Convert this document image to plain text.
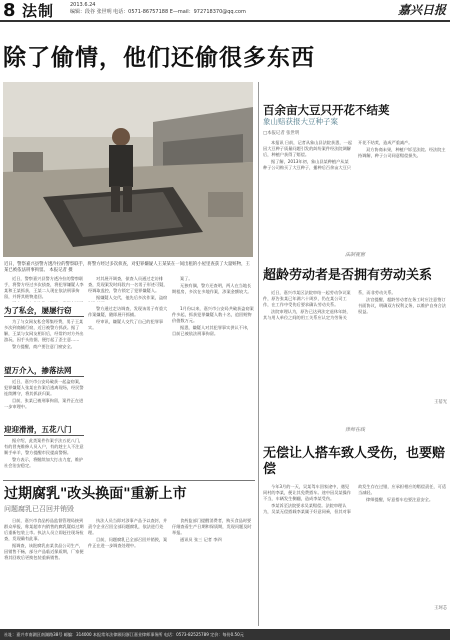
8 法制	2013.6.24
编辑：段谷 张世明 电话：0571-86757188 E—mail：972718370@qq.com	嘉兴日报
除了偷情，他们还偷很多东西
近日，警察嘉兴县警方透冷拉的警察联手，将警方经过多次侦查，对犯罪嫌疑人王某某在一间出租的小屋里查获了大量赃物，王某已被依法刑事拘留。 本报记者 摄

近日，警察嘉兴县警方透冷拉的警察联手，将警方经过多次侦查，将犯罪嫌疑人李某和王某抓获，王某二人现在依法刑事拘留，并将其赃物追回。

对其展开调查，侦查人员通过走访排查，发现案发时间段内一名男子形迹可疑，经调取监控，警方锁定了犯罪嫌疑人。

据嫌疑人交代，他先后多次作案，盗窃

案了。

无独有偶，警方还查明，两人在当地长期租房，多次在多地作案，涉案金额较大。

为了私会，屡屡行窃

为了与女网友私会筹集经费，男子王某多次到商铺行窃，近日被警方抓获。据了解，王某与女网友相识后，经常约对方外出游玩，因手头拮据，便打起了歪主意……

警方提醒，商户要注意门窗安全。

望万介入，掺落法网

近日，嘉兴市公安局破获一起盗窃案，犯罪嫌疑人张某在作案后逃离现场，经民警连续蹲守，将其抓获归案。

目前，张某已被刑事拘留，案件正在进一步审理中。

迎迎滑滑，五花八门

据介绍，此类案件作案手法五花八门，有的冒充维修人员入户，有的趁主人不注意顺手牵羊，警方提醒市民提高警惕。

警方表示，将继续加大打击力度，维护社会治安稳定。

警方通过走访调查，发现该男子有重大作案嫌疑，随即展开抓捕。

经审讯，嫌疑人交代了自己的犯罪事实。

1月份以来，嘉兴市公安局共破获盗窃案件多起，抓获犯罪嫌疑人数十名，追回赃物价值数万元。

据悉，嫌疑人对其犯罪事实供认不讳，目前已被依法刑事拘留。

过期腐乳"改头换面"重新上市
问题腐乳已召回并销毁

日前，嘉兴市食品药品监督管理局接到群众举报，称某超市内销售的腐乳疑似过期后重新包装上市。执法人员立即赶往现场检查，发现确有此事。

据调查，该批腐乳由某食品公司生产，因销售不畅，部分产品临近保质期，厂家便将其回收后更换包装重新销售。

执法人员当即对涉事产品予以查封，并责令企业召回全部问题腐乳，依法进行处理。

目前，问题腐乳已全部召回并销毁，案件正在进一步调查处理中。

食药监部门提醒消费者，购买食品时要仔细查看生产日期和保质期，发现问题及时举报。

通讯员 张三 记者 李四

百余亩大豆只开花不结荚
象山赔获报大豆种子案
□本报记者 张世明

本报讯 日前，记者从象山县法院获悉，一起因大豆种子质量问题引发的纠纷案件经法院调解后，种植户获得了赔偿。

据了解，2013年初，象山县某种植户从某种子公司购买了大豆种子，播种后百余亩大豆只开花不结荚，造成严重减产。

双方协商未果，种植户诉至法院。经法院主持调解，种子公司同意赔偿损失。

法制视窗
超龄劳动者是否拥有劳动关系

近日，嘉兴市某区法院审结一起劳动争议案件，原告张某已年满六十周岁，仍在某公司工作，在工作中受伤后要求确认劳动关系。

法院审理认为，原告已达到法定退休年龄，其与用人单位之间的用工关系应认定为劳务关系，而非劳动关系。

法官提醒，超龄劳动者在务工时应注意签订书面协议，明确双方权利义务，以维护自身合法权益。

王蓓光
律师在线
无偿让人搭车致人受伤，也要赔偿

今年3月的一天，吴某驾车回家途中，遇见同村的李某，便让其免费搭车。途中因吴某操作不当，车辆发生侧翻，造成李某受伤。

李某诉至法院要求吴某赔偿。法院审理认为，吴某无偿搭载李某属于好意同乘，但其对事故发生存在过错，应承担相应的赔偿责任，可适当减轻。

律师提醒，好意搭车也要注意安全。

王珂芯
社址：嘉兴市南湖区南湖路38号 邮编：314000 本报常年法律顾问浙江嘉业律师事务所 电话：0573-82525789 定价：每份0.50元
